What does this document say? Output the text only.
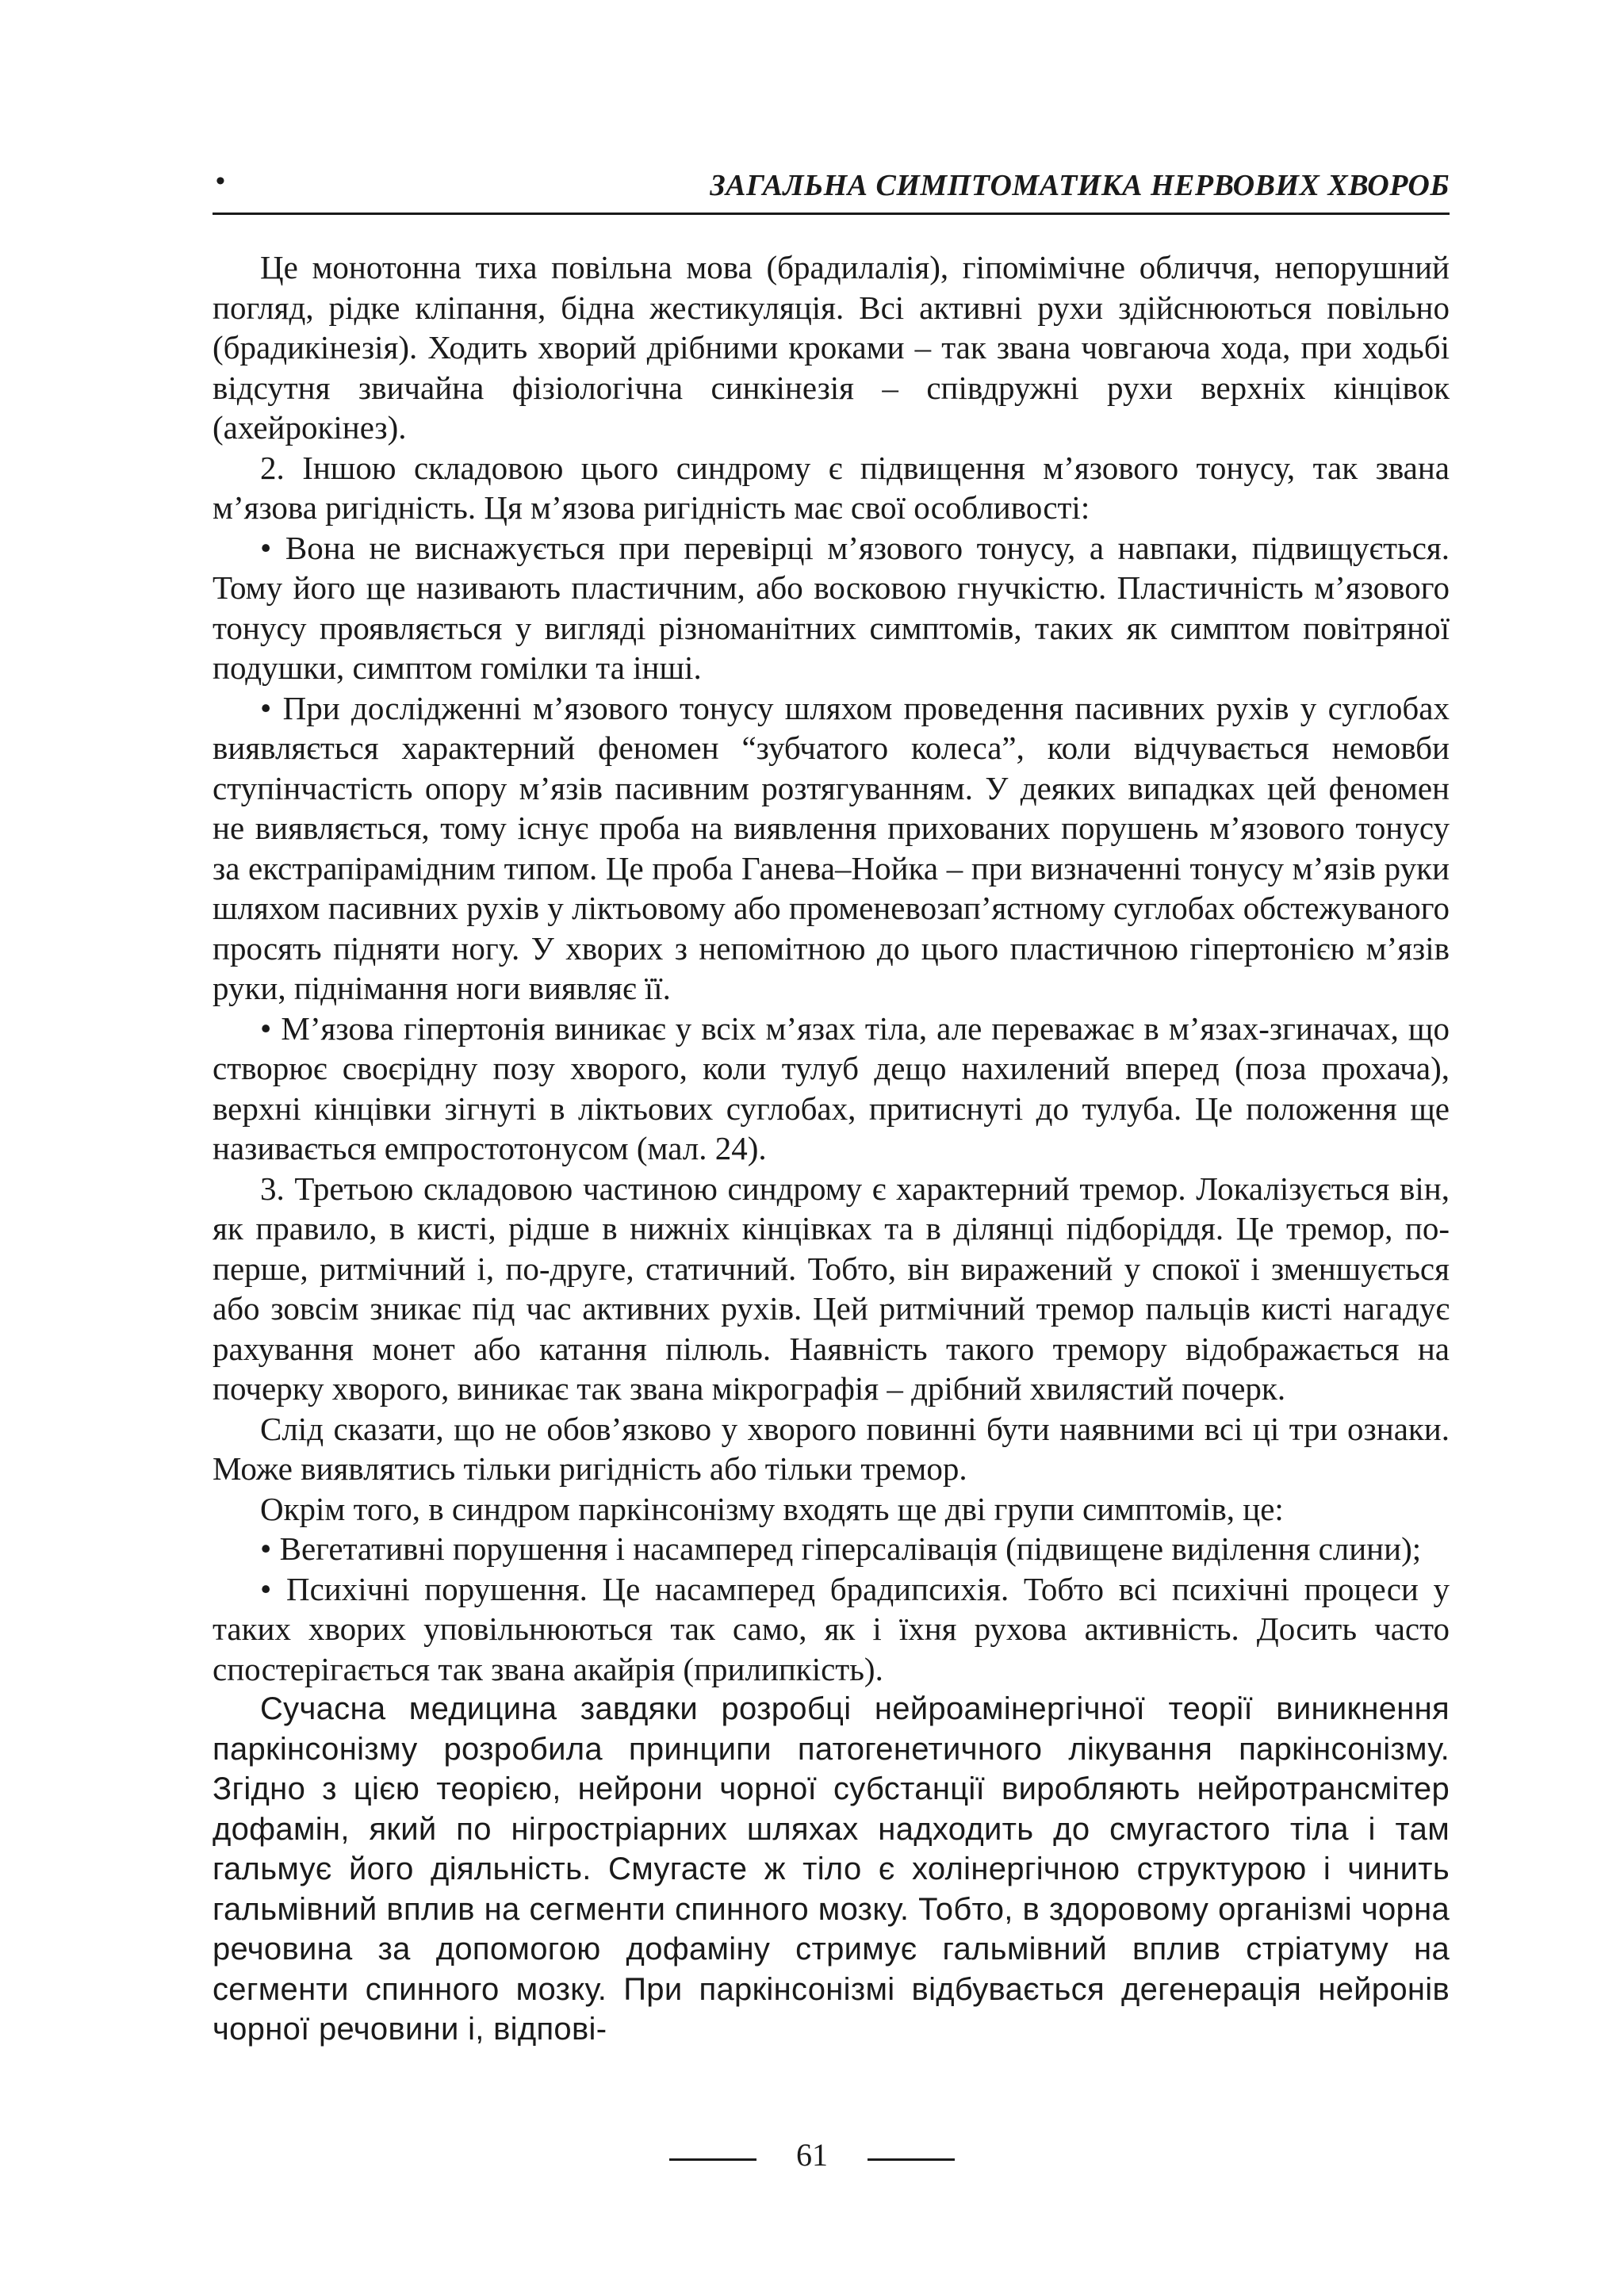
•	ЗАГАЛЬНА СИМПТОМАТИКА НЕРВОВИХ ХВОРОБ

Це монотонна тиха повільна мова (брадилалія), гіпомімічне обличчя, непорушний погляд, рідке кліпання, бідна жестикуляція. Всі активні рухи здійснюються повільно (брадикінезія). Ходить хворий дрібними кроками – так звана човгаюча хода, при ходьбі відсутня звичайна фізіологічна синкінезія – співдружні рухи верхніх кінцівок (ахейрокінез).

2. Іншою складовою цього синдрому є підвищення м’язового тонусу, так звана м’язова ригідність. Ця м’язова ригідність має свої особливості:

• Вона не виснажується при перевірці м’язового тонусу, а навпаки, підвищується. Тому його ще називають пластичним, або восковою гнучкістю. Пластичність м’язового тонусу проявляється у вигляді різноманітних симптомів, таких як симптом повітряної подушки, симптом гомілки та інші.

• При дослідженні м’язового тонусу шляхом проведення пасивних рухів у суглобах виявляється характерний феномен “зубчатого колеса”, коли відчувається немовби ступінчастість опору м’язів пасивним розтягуванням. У деяких випадках цей феномен не виявляється, тому існує проба на виявлення прихованих порушень м’язового тонусу за екстрапірамідним типом. Це проба Ганева–Нойка – при визначенні тонусу м’язів руки шляхом пасивних рухів у ліктьовому або променевозап’ястному суглобах обстежуваного просять підняти ногу. У хворих з непомітною до цього пластичною гіпертонією м’язів руки, піднімання ноги виявляє її.

• М’язова гіпертонія виникає у всіх м’язах тіла, але переважає в м’язах-згиначах, що створює своєрідну позу хворого, коли тулуб дещо нахилений вперед (поза прохача), верхні кінцівки зігнуті в ліктьових суглобах, притиснуті до тулуба. Це положення ще називається емпростотонусом (мал. 24).

3. Третьою складовою частиною синдрому є характерний тремор. Локалізується він, як правило, в кисті, рідше в нижніх кінцівках та в ділянці підборіддя. Це тремор, по-перше, ритмічний і, по-друге, статичний. Тобто, він виражений у спокої і зменшується або зовсім зникає під час активних рухів. Цей ритмічний тремор пальців кисті нагадує рахування монет або катання пілюль. Наявність такого тремору відображається на почерку хворого, виникає так звана мікрографія – дрібний хвилястий почерк.

Слід сказати, що не обов’язково у хворого повинні бути наявними всі ці три ознаки. Може виявлятись тільки ригідність або тільки тремор.

Окрім того, в синдром паркінсонізму входять ще дві групи симптомів, це:

• Вегетативні порушення і насамперед гіперсалівація (підвищене виділення слини);

• Психічні порушення. Це насамперед брадипсихія. Тобто всі психічні процеси у таких хворих уповільнюються так само, як і їхня рухова активність. Досить часто спостерігається так звана акайрія (прилипкість).

Сучасна медицина завдяки розробці нейроамінергічної теорії виникнення паркінсонізму розробила принципи патогенетичного лікування паркінсонізму. Згідно з цією теорією, нейрони чорної субстанції виробляють нейротрансмітер дофамін, який по нігростріарних шляхах надходить до смугастого тіла і там гальмує його діяльність. Смугасте ж тіло є холінергічною структурою і чинить гальмівний вплив на сегменти спинного мозку. Тобто, в здоровому організмі чорна речовина за допомогою дофаміну стримує гальмівний вплив стріатуму на сегменти спинного мозку. При паркінсонізмі відбувається дегенерація нейронів чорної речовини і, відпові-

61
